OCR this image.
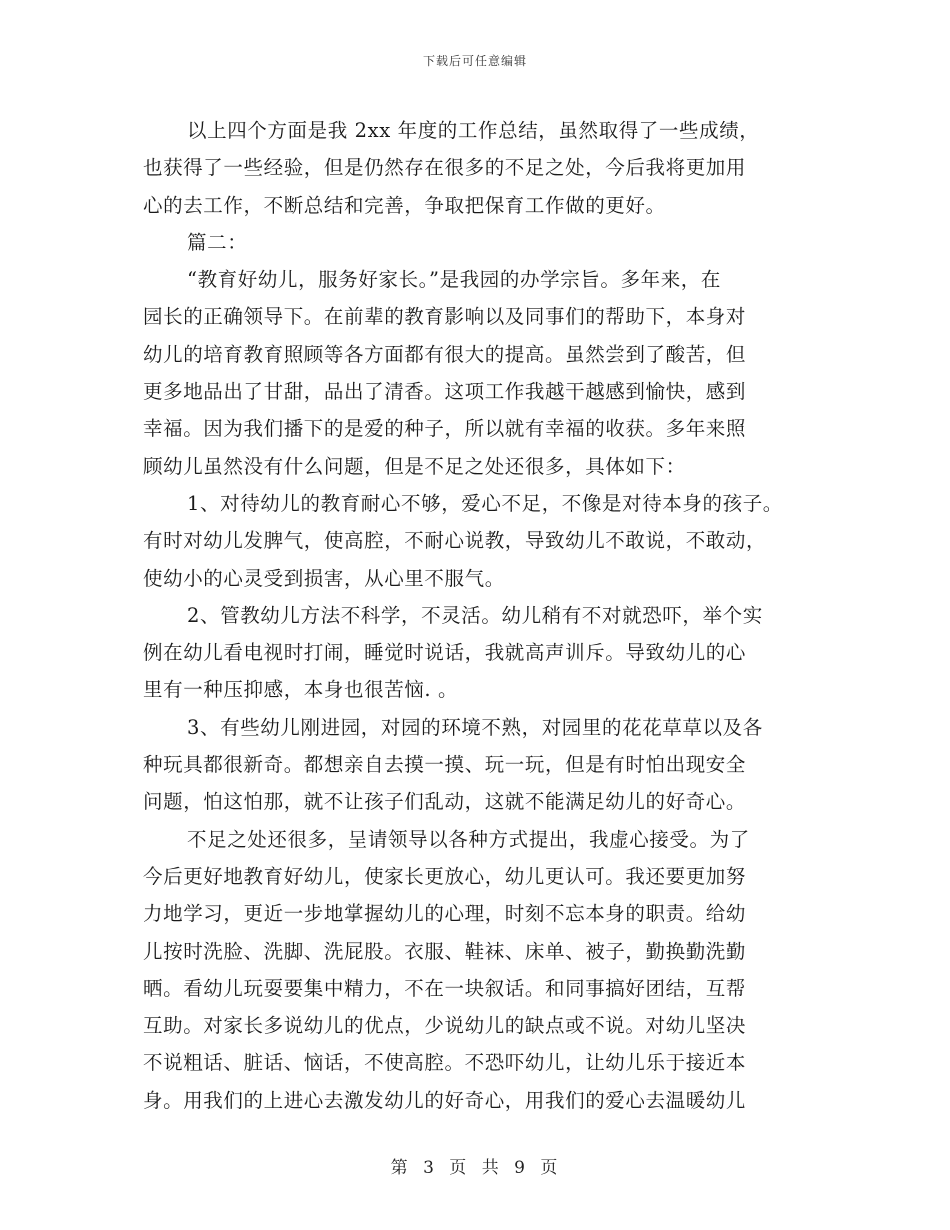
下载后可任意编辑
以上四个方面是我 2xx 年度的工作总结，虽然取得了一些成绩，
也获得了一些经验，但是仍然存在很多的不足之处，今后我将更加用
心的去工作，不断总结和完善，争取把保育工作做的更好。
篇二：
“教育好幼儿，服务好家长。”是我园的办学宗旨。多年来，在
园长的正确领导下。在前辈的教育影响以及同事们的帮助下，本身对
幼儿的培育教育照顾等各方面都有很大的提高。虽然尝到了酸苦，但
更多地品出了甘甜，品出了清香。这项工作我越干越感到愉快，感到
幸福。因为我们播下的是爱的种子，所以就有幸福的收获。多年来照
顾幼儿虽然没有什么问题，但是不足之处还很多，具体如下：
1、对待幼儿的教育耐心不够，爱心不足，不像是对待本身的孩子。
有时对幼儿发脾气，使高腔，不耐心说教，导致幼儿不敢说，不敢动，
使幼小的心灵受到损害，从心里不服气。
2、管教幼儿方法不科学，不灵活。幼儿稍有不对就恐吓，举个实
例在幼儿看电视时打闹，睡觉时说话，我就高声训斥。导致幼儿的心
里有一种压抑感，本身也很苦恼. 。
3、有些幼儿刚进园，对园的环境不熟，对园里的花花草草以及各
种玩具都很新奇。都想亲自去摸一摸、玩一玩，但是有时怕出现安全
问题，怕这怕那，就不让孩子们乱动，这就不能满足幼儿的好奇心。
不足之处还很多，呈请领导以各种方式提出，我虚心接受。为了
今后更好地教育好幼儿，使家长更放心，幼儿更认可。我还要更加努
力地学习，更近一步地掌握幼儿的心理，时刻不忘本身的职责。给幼
儿按时洗脸、洗脚、洗屁股。衣服、鞋袜、床单、被子，勤换勤洗勤
晒。看幼儿玩耍要集中精力，不在一块叙话。和同事搞好团结，互帮
互助。对家长多说幼儿的优点，少说幼儿的缺点或不说。对幼儿坚决
不说粗话、脏话、恼话，不使高腔。不恐吓幼儿，让幼儿乐于接近本
身。用我们的上进心去激发幼儿的好奇心，用我们的爱心去温暖幼儿
第 3 页 共 9 页
